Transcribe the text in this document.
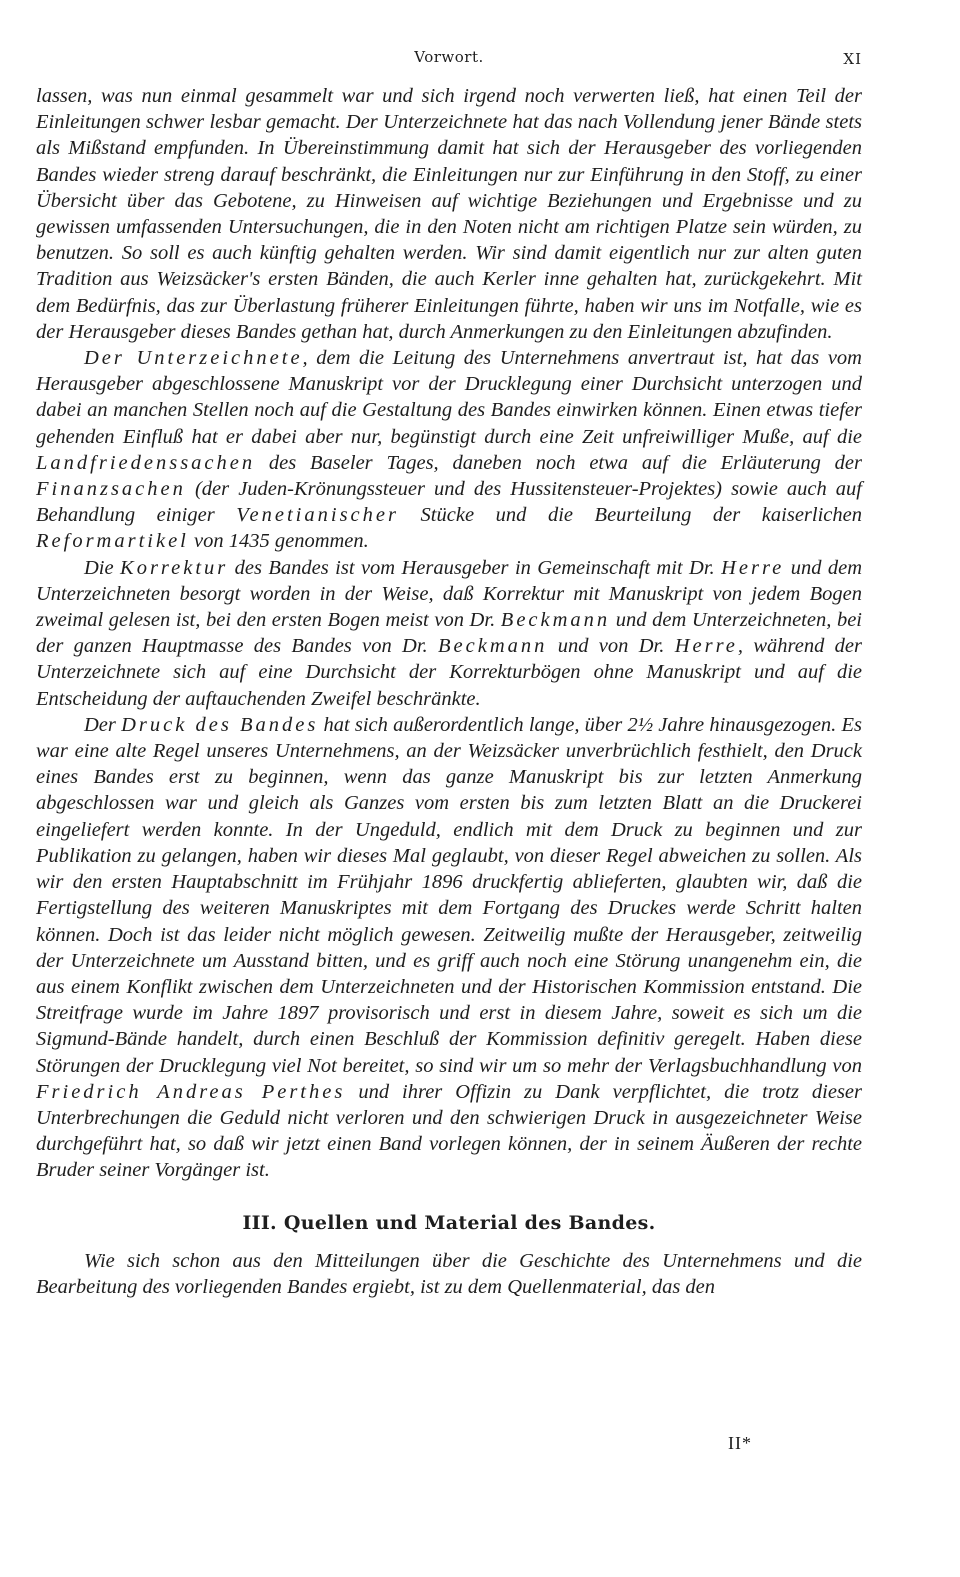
Vorwort.	XI

lassen, was nun einmal gesammelt war und sich irgend noch verwerten ließ, hat einen Teil der Einleitungen schwer lesbar gemacht. Der Unterzeichnete hat das nach Vollendung jener Bände stets als Mißstand empfunden. In Übereinstimmung damit hat sich der Herausgeber des vorliegenden Bandes wieder streng darauf beschränkt, die Einleitungen nur zur Einführung in den Stoff, zu einer Übersicht über das Gebotene, zu Hinweisen auf wichtige Beziehungen und Ergebnisse und zu gewissen umfassenden Untersuchungen, die in den Noten nicht am richtigen Platze sein würden, zu benutzen. So soll es auch künftig gehalten werden. Wir sind damit eigentlich nur zur alten guten Tradition aus Weizsäcker's ersten Bänden, die auch Kerler inne gehalten hat, zurückgekehrt. Mit dem Bedürfnis, das zur Überlastung früherer Einleitungen führte, haben wir uns im Notfalle, wie es der Herausgeber dieses Bandes gethan hat, durch Anmerkungen zu den Einleitungen abzufinden.

Der Unterzeichnete, dem die Leitung des Unternehmens anvertraut ist, hat das vom Herausgeber abgeschlossene Manuskript vor der Drucklegung einer Durchsicht unterzogen und dabei an manchen Stellen noch auf die Gestaltung des Bandes einwirken können. Einen etwas tiefer gehenden Einfluß hat er dabei aber nur, begünstigt durch eine Zeit unfreiwilliger Muße, auf die Landfriedenssachen des Baseler Tages, daneben noch etwa auf die Erläuterung der Finanzsachen (der Juden-Krönungssteuer und des Hussitensteuer-Projektes) sowie auch auf Behandlung einiger Venetianischer Stücke und die Beurteilung der kaiserlichen Reformartikel von 1435 genommen.

Die Korrektur des Bandes ist vom Herausgeber in Gemeinschaft mit Dr. Herre und dem Unterzeichneten besorgt worden in der Weise, daß Korrektur mit Manuskript von jedem Bogen zweimal gelesen ist, bei den ersten Bogen meist von Dr. Beckmann und dem Unterzeichneten, bei der ganzen Hauptmasse des Bandes von Dr. Beckmann und von Dr. Herre, während der Unterzeichnete sich auf eine Durchsicht der Korrekturbögen ohne Manuskript und auf die Entscheidung der auftauchenden Zweifel beschränkte.

Der Druck des Bandes hat sich außerordentlich lange, über 2½ Jahre hinausgezogen. Es war eine alte Regel unseres Unternehmens, an der Weizsäcker unverbrüchlich festhielt, den Druck eines Bandes erst zu beginnen, wenn das ganze Manuskript bis zur letzten Anmerkung abgeschlossen war und gleich als Ganzes vom ersten bis zum letzten Blatt an die Druckerei eingeliefert werden konnte. In der Ungeduld, endlich mit dem Druck zu beginnen und zur Publikation zu gelangen, haben wir dieses Mal geglaubt, von dieser Regel abweichen zu sollen. Als wir den ersten Hauptabschnitt im Frühjahr 1896 druckfertig ablieferten, glaubten wir, daß die Fertigstellung des weiteren Manuskriptes mit dem Fortgang des Druckes werde Schritt halten können. Doch ist das leider nicht möglich gewesen. Zeitweilig mußte der Herausgeber, zeitweilig der Unterzeichnete um Ausstand bitten, und es griff auch noch eine Störung unangenehm ein, die aus einem Konflikt zwischen dem Unterzeichneten und der Historischen Kommission entstand. Die Streitfrage wurde im Jahre 1897 provisorisch und erst in diesem Jahre, soweit es sich um die Sigmund-Bände handelt, durch einen Beschluß der Kommission definitiv geregelt. Haben diese Störungen der Drucklegung viel Not bereitet, so sind wir um so mehr der Verlagsbuchhandlung von Friedrich Andreas Perthes und ihrer Offizin zu Dank verpflichtet, die trotz dieser Unterbrechungen die Geduld nicht verloren und den schwierigen Druck in ausgezeichneter Weise durchgeführt hat, so daß wir jetzt einen Band vorlegen können, der in seinem Äußeren der rechte Bruder seiner Vorgänger ist.

III. Quellen und Material des Bandes.

Wie sich schon aus den Mitteilungen über die Geschichte des Unternehmens und die Bearbeitung des vorliegenden Bandes ergiebt, ist zu dem Quellenmaterial, das den

II*
